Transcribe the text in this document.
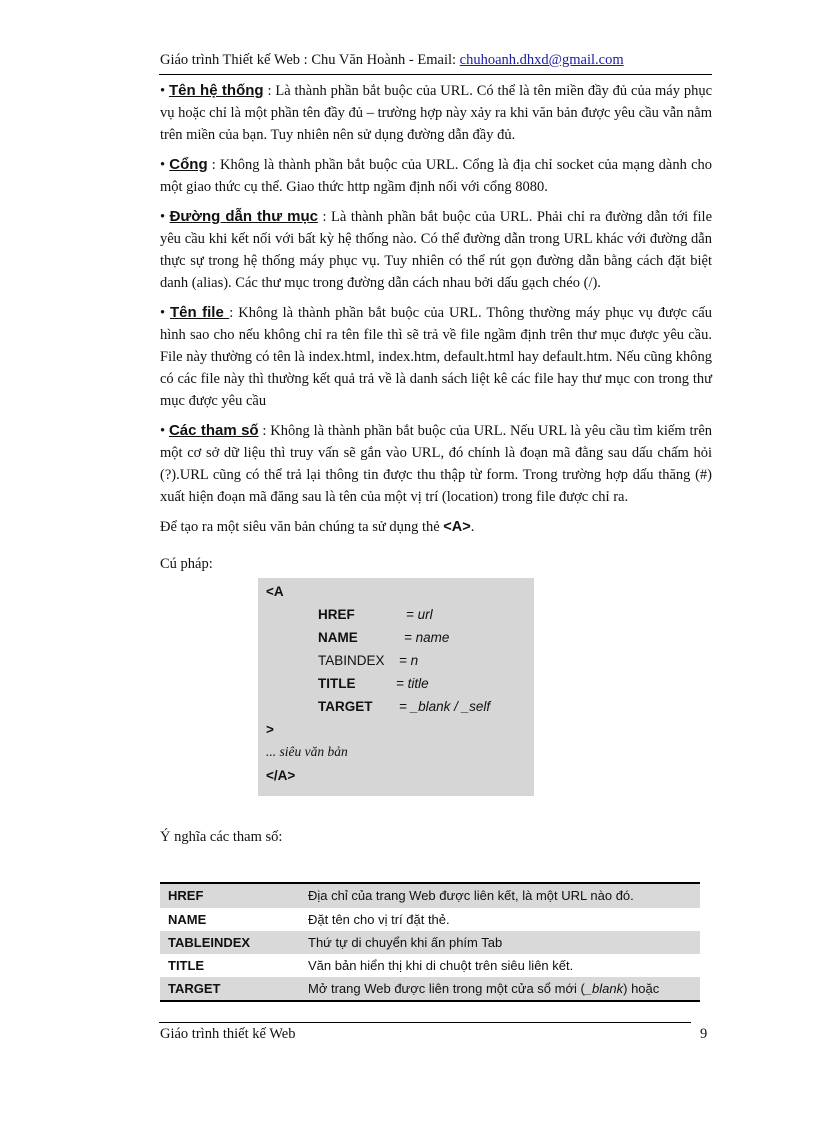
Giáo trình Thiết kế Web : Chu Văn Hoành - Email: chuhoanh.dhxd@gmail.com

• Tên hệ thống : Là thành phần bắt buộc của URL. Có thể là tên miền đầy đủ của máy phục vụ hoặc chỉ là một phần tên đầy đủ – trường hợp này xảy ra khi văn bản được yêu cầu vẫn nằm trên miền của bạn. Tuy nhiên nên sử dụng đường dẫn đầy đủ.

• Cổng : Không là thành phần bắt buộc của URL. Cổng là địa chỉ socket của mạng dành cho một giao thức cụ thể. Giao thức http ngầm định nối với cổng 8080.

• Đường dẫn thư mục : Là thành phần bắt buộc của URL. Phải chỉ ra đường dẫn tới file yêu cầu khi kết nối với bất kỳ hệ thống nào. Có thể đường dẫn trong URL khác với đường dẫn thực sự trong hệ thống máy phục vụ. Tuy nhiên có thể rút gọn đường dẫn bằng cách đặt biệt danh (alias). Các thư mục trong đường dẫn cách nhau bởi dấu gạch chéo (/).

• Tên file : Không là thành phần bắt buộc của URL. Thông thường máy phục vụ được cấu hình sao cho nếu không chỉ ra tên file thì sẽ trả về file ngầm định trên thư mục được yêu cầu. File này thường có tên là index.html, index.htm, default.html hay default.htm. Nếu cũng không có các file này thì thường kết quả trả về là danh sách liệt kê các file hay thư mục con trong thư mục được yêu cầu

• Các tham số : Không là thành phần bắt buộc của URL. Nếu URL là yêu cầu tìm kiếm trên một cơ sở dữ liệu thì truy vấn sẽ gắn vào URL, đó chính là đoạn mã đằng sau dấu chấm hỏi (?).URL cũng có thể trả lại thông tin được thu thập từ form. Trong trường hợp dấu thăng (#) xuất hiện đoạn mã đăng sau là tên của một vị trí (location) trong file được chỉ ra.

Để tạo ra một siêu văn bản chúng ta sử dụng thẻ <A>.

Cú pháp:
<A
HREF	= url
NAME	= name
TABINDEX = n
TITLE	= title
TARGET = _blank / _self
>
... siêu văn bản
</A>
Ý nghĩa các tham số:
HREF	Địa chỉ của trang Web được liên kết, là một URL nào đó.
NAME	Đặt tên cho vị trí đặt thẻ.
TABLEINDEX	Thứ tự di chuyển khi ấn phím Tab
TITLE	Văn bản hiển thị khi di chuột trên siêu liên kết.
TARGET	Mở trang Web được liên trong một cửa sổ mới (_blank) hoặc
Giáo trình thiết kế Web	9
